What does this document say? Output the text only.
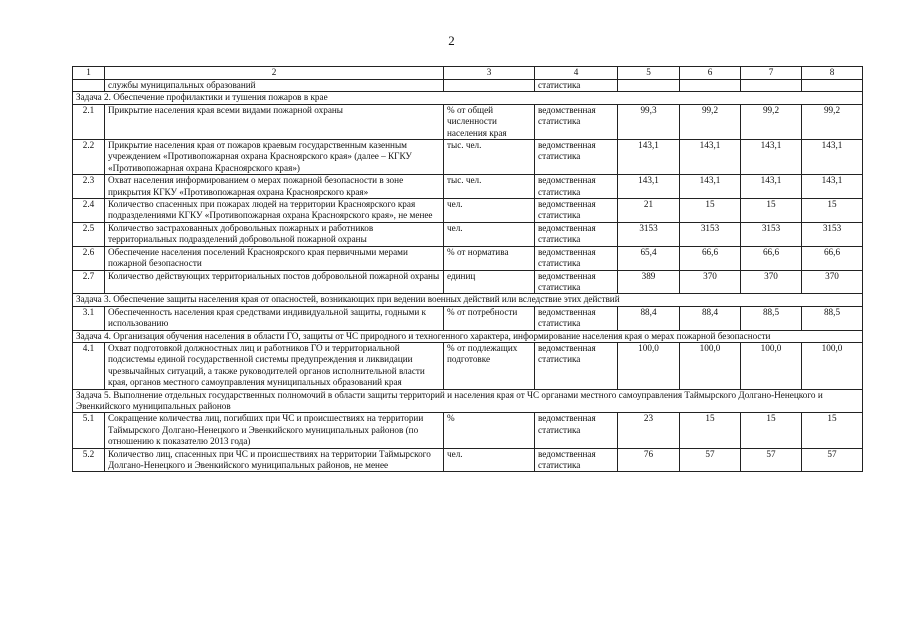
2
1	2	3	4	5	6	7	8
	службы муниципальных образований		статистика				
Задача 2. Обеспечение профилактики и тушения пожаров в крае							
2.1	Прикрытие населения края всеми видами пожарной охраны	% от общей численности населения края	ведомственная статистика	99,3	99,2	99,2	99,2
2.2	Прикрытие населения края от пожаров краевым государственным казенным учреждением «Противопожарная охрана Красноярского края» (далее – КГКУ «Противопожарная охрана Красноярского края»)	тыс. чел.	ведомственная статистика	143,1	143,1	143,1	143,1
2.3	Охват населения информированием о мерах пожарной безопасности в зоне прикрытия КГКУ «Противопожарная охрана Красноярского края»	тыс. чел.	ведомственная статистика	143,1	143,1	143,1	143,1
2.4	Количество спасенных при пожарах людей на территории Красноярского края подразделениями КГКУ «Противопожарная охрана Красноярского края», не менее	чел.	ведомственная статистика	21	15	15	15
2.5	Количество застрахованных добровольных пожарных и работников территориальных подразделений добровольной пожарной охраны	чел.	ведомственная статистика	3153	3153	3153	3153
2.6	Обеспечение населения поселений Красноярского края первичными мерами пожарной безопасности	% от норматива	ведомственная статистика	65,4	66,6	66,6	66,6
2.7	Количество действующих территориальных постов добровольной пожарной охраны	единиц	ведомственная статистика	389	370	370	370
Задача 3. Обеспечение защиты населения края от опасностей, возникающих при ведении военных действий или вследствие этих действий							
3.1	Обеспеченность населения края средствами индивидуальной защиты, годными к использованию	% от потребности	ведомственная статистика	88,4	88,4	88,5	88,5
Задача 4. Организация обучения населения в области ГО, защиты от ЧС природного и техногенного характера, информирование населения края о мерах пожарной безопасности							
4.1	Охват подготовкой должностных лиц и работников ГО и территориальной подсистемы единой государственной системы предупреждения и ликвидации чрезвычайных ситуаций, а также руководителей органов исполнительной власти края, органов местного самоуправления муниципальных образований края	% от подлежащих подготовке	ведомственная статистика	100,0	100,0	100,0	100,0
Задача 5. Выполнение отдельных государственных полномочий в области защиты территорий и населения края от ЧС органами местного самоуправления Таймырского Долгано-Ненецкого и Эвенкийского муниципальных районов							
5.1	Сокращение количества лиц, погибших при ЧС и происшествиях на территории Таймырского Долгано-Ненецкого и Эвенкийского муниципальных районов (по отношению к показателю 2013 года)	%	ведомственная статистика	23	15	15	15
5.2	Количество лиц, спасенных при ЧС и происшествиях на территории Таймырского Долгано-Ненецкого и Эвенкийского муниципальных районов, не менее	чел.	ведомственная статистика	76	57	57	57
